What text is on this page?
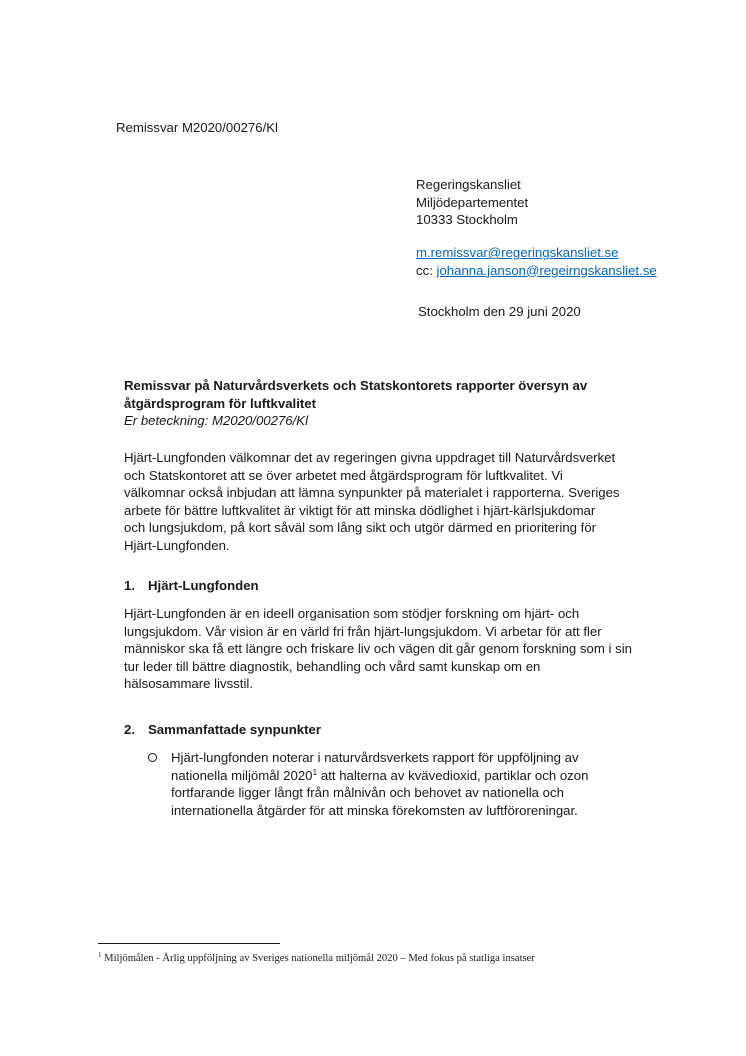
Remissvar M2020/00276/Kl
Regeringskansliet
Miljödepartementet
10333 Stockholm
m.remissvar@regeringskansliet.se
cc: johanna.janson@regeirngskansliet.se
Stockholm den 29 juni 2020
Remissvar på Naturvårdsverkets och Statskontorets rapporter översyn av
åtgärdsprogram för luftkvalitet
Er beteckning: M2020/00276/Kl
Hjärt-Lungfonden välkomnar det av regeringen givna uppdraget till Naturvårdsverket
och Statskontoret att se över arbetet med åtgärdsprogram för luftkvalitet. Vi
välkomnar också inbjudan att lämna synpunkter på materialet i rapporterna. Sveriges
arbete för bättre luftkvalitet är viktigt för att minska dödlighet i hjärt-kärlsjukdomar
och lungsjukdom, på kort såväl som lång sikt och utgör därmed en prioritering för
Hjärt-Lungfonden.
1. Hjärt-Lungfonden
Hjärt-Lungfonden är en ideell organisation som stödjer forskning om hjärt- och
lungsjukdom. Vår vision är en värld fri från hjärt-lungsjukdom. Vi arbetar för att fler
människor ska få ett längre och friskare liv och vägen dit går genom forskning som i sin
tur leder till bättre diagnostik, behandling och vård samt kunskap om en
hälsosammare livsstil.
2. Sammanfattade synpunkter
Hjärt-lungfonden noterar i naturvårdsverkets rapport för uppföljning av
nationella miljömål 2020$^1$ att halterna av kvävedioxid, partiklar och ozon
fortfarande ligger långt från målnivån och behovet av nationella och
internationella åtgärder för att minska förekomsten av luftföroreningar.
$^1$ Miljömålen - Årlig uppföljning av Sveriges nationella miljömål 2020 – Med fokus på statliga insatser
